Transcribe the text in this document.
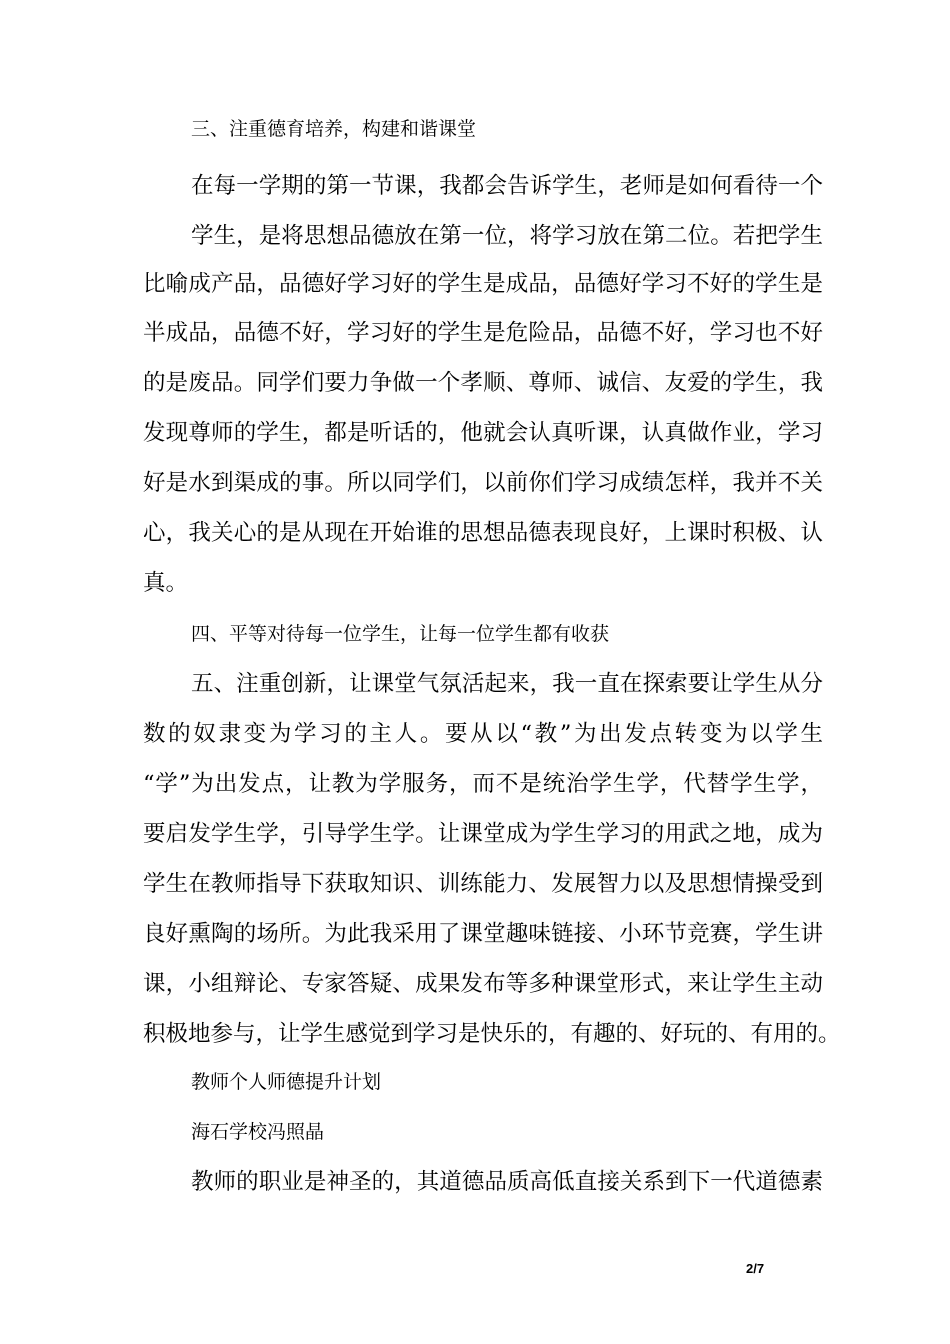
三、注重德育培养，构建和谐课堂
在每一学期的第一节课，我都会告诉学生，老师是如何看待一个
学生，是将思想品德放在第一位，将学习放在第二位。若把学生
比喻成产品，品德好学习好的学生是成品，品德好学习不好的学生是
半成品，品德不好，学习好的学生是危险品，品德不好，学习也不好
的是废品。同学们要力争做一个孝顺、尊师、诚信、友爱的学生，我
发现尊师的学生，都是听话的，他就会认真听课，认真做作业，学习
好是水到渠成的事。所以同学们，以前你们学习成绩怎样，我并不关
心，我关心的是从现在开始谁的思想品德表现良好，上课时积极、认
真。
四、平等对待每一位学生，让每一位学生都有收获
五、注重创新，让课堂气氛活起来，我一直在探索要让学生从分
数的奴隶变为学习的主人。要从以“教”为出发点转变为以学生
“学”为出发点，让教为学服务，而不是统治学生学，代替学生学，
要启发学生学，引导学生学。让课堂成为学生学习的用武之地，成为
学生在教师指导下获取知识、训练能力、发展智力以及思想情操受到
良好熏陶的场所。为此我采用了课堂趣味链接、小环节竞赛，学生讲
课，小组辩论、专家答疑、成果发布等多种课堂形式，来让学生主动
积极地参与，让学生感觉到学习是快乐的，有趣的、好玩的、有用的。
教师个人师德提升计划
海石学校冯照晶
教师的职业是神圣的，其道德品质高低直接关系到下一代道德素
2/7
